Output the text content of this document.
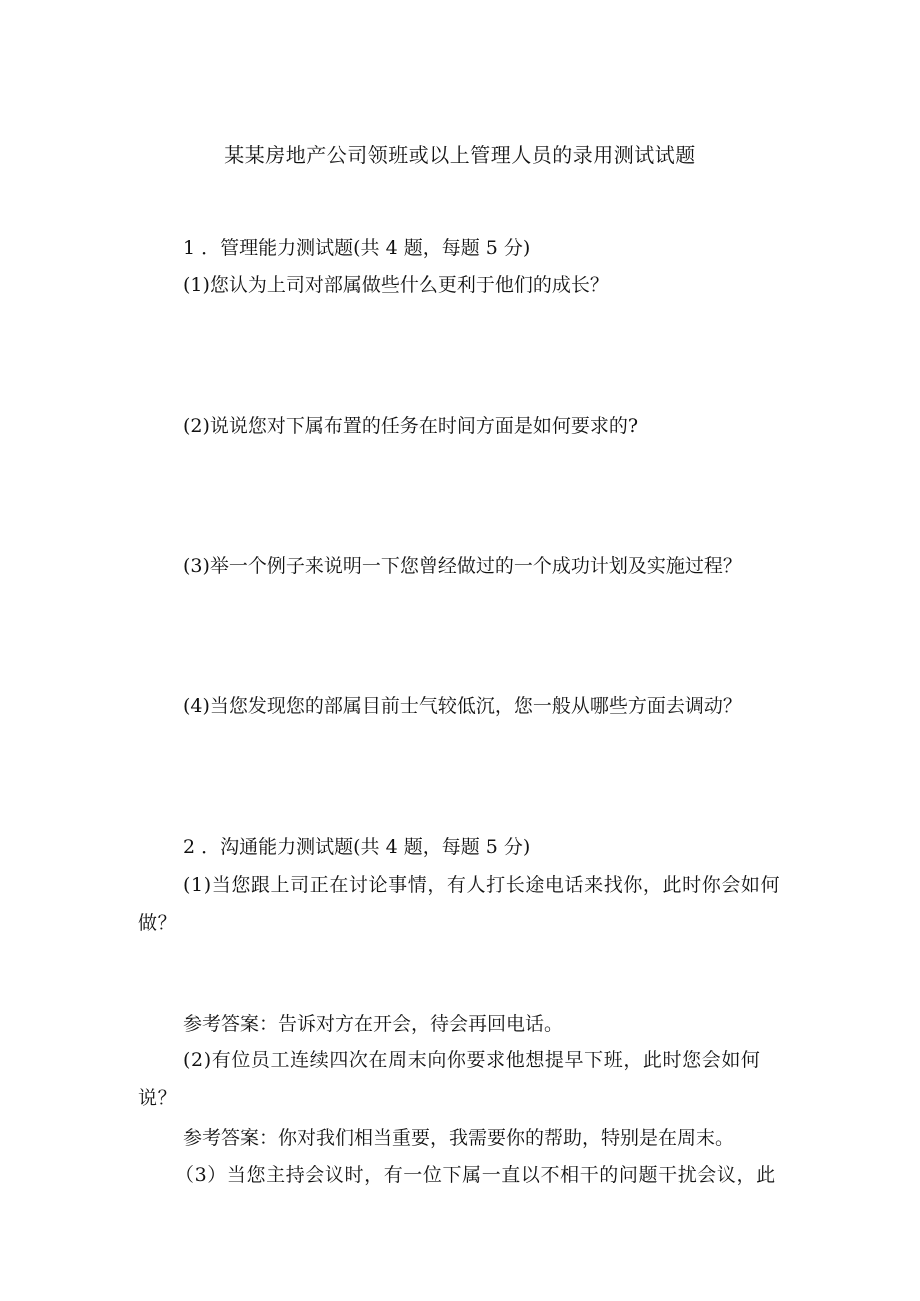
某某房地产公司领班或以上管理人员的录用测试试题
1 ．管理能力测试题(共 4 题，每题 5 分)
(1)您认为上司对部属做些什么更利于他们的成长？
(2)说说您对下属布置的任务在时间方面是如何要求的?
(3)举一个例子来说明一下您曾经做过的一个成功计划及实施过程？
(4)当您发现您的部属目前士气较低沉，您一般从哪些方面去调动？
2 ．沟通能力测试题(共 4 题，每题 5 分)
(1)当您跟上司正在讨论事情，有人打长途电话来找你，此时你会如何做？
参考答案：告诉对方在开会，待会再回电话。
(2)有位员工连续四次在周末向你要求他想提早下班，此时您会如何说？
参考答案：你对我们相当重要，我需要你的帮助，特别是在周末。
（3）当您主持会议时，有一位下属一直以不相干的问题干扰会议，此
